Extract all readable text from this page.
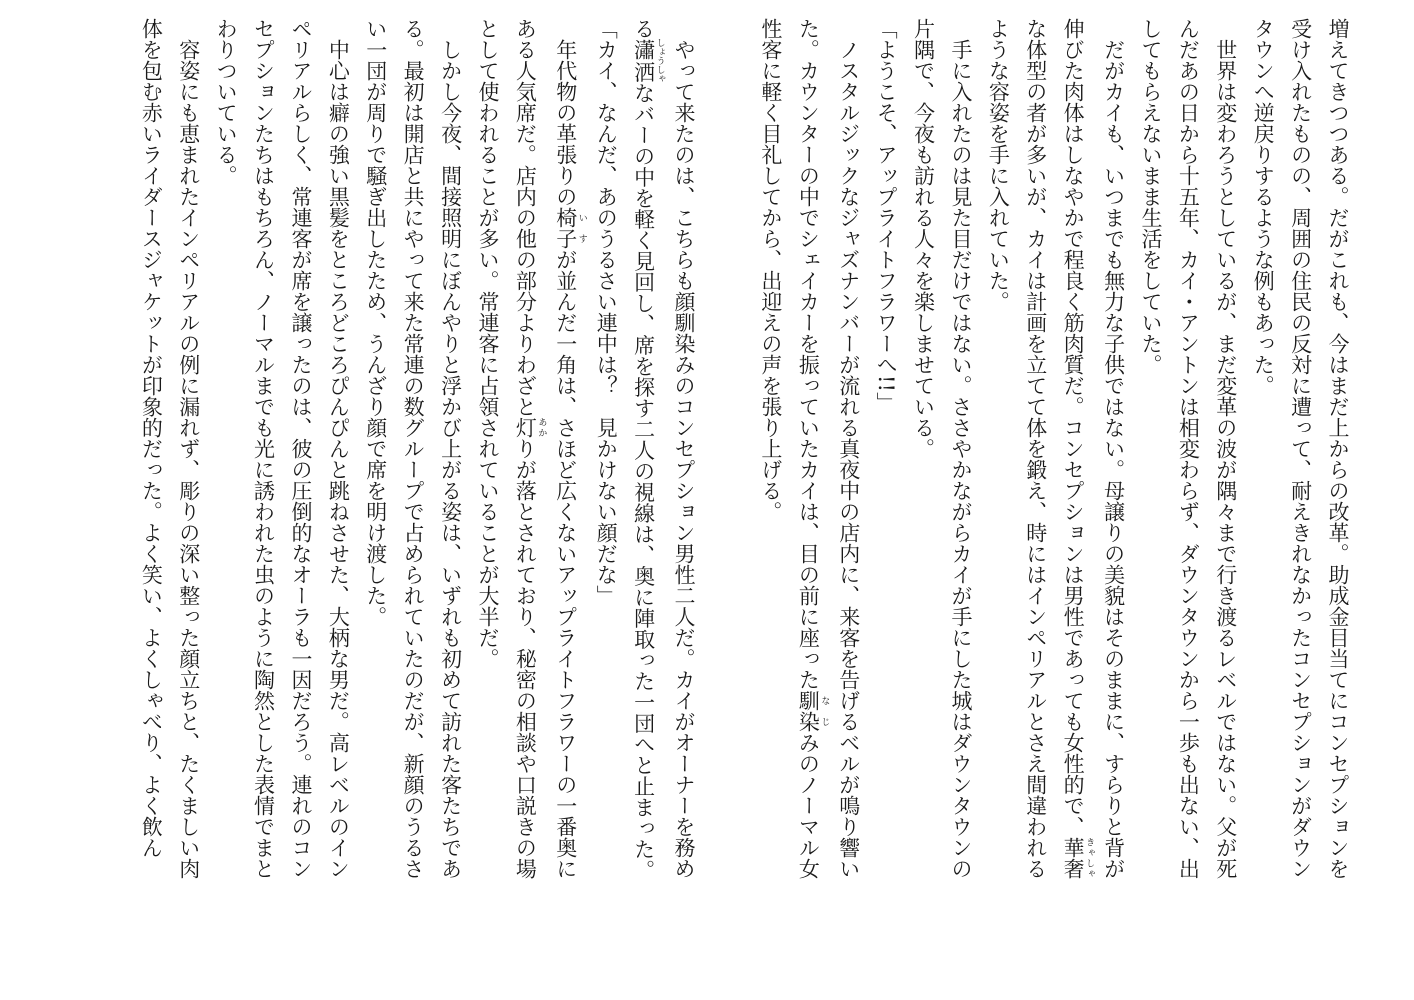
増えてきつつある。だがこれも、今はまだ上からの改革。助成金目当てにコンセプションを

受け入れたものの、周囲の住民の反対に遭って、耐えきれなかったコンセプションがダウン

タウンへ逆戻りするような例もあった。

　世界は変わろうとしているが、まだ変革の波が隅々まで行き渡るレベルではない。父が死

んだあの日から十五年、カイ・アントンは相変わらず、ダウンタウンから一歩も出ない、出

してもらえないまま生活をしていた。

　だがカイも、いつまでも無力な子供ではない。母譲りの美貌はそのままに、すらりと背が

伸びた肉体はしなやかで程良く筋肉質だ。コンセプションは男性であっても女性的で、華奢 きゃしゃ

な体型の者が多いが、カイは計画を立てて体を鍛え、時にはインペリアルとさえ間違われる

ような容姿を手に入れていた。

　手に入れたのは見た目だけではない。ささやかながらカイが手にした城はダウンタウンの

片隅で、今夜も訪れる人々を楽しませている。

「ようこそ、アップライトフラワーへ!!」

　ノスタルジックなジャズナンバーが流れる真夜中の店内に、来客を告げるベルが鳴り響い

た。カウンターの中でシェイカーを振っていたカイは、目の前に座った馴染 なじみのノーマル女

性客に軽く目礼してから、出迎えの声を張り上げる。

　やって来たのは、こちらも顔馴染みのコンセプション男性二人だ。カイがオーナーを務め

る瀟洒 しょうしゃなバーの中を軽く見回し、席を探す二人の視線は、奥に陣取った一団へと止まった。

「カイ、なんだ、あのうるさい連中は？　見かけない顔だな」

　年代物の革張りの椅子 いすが並んだ一角は、さほど広くないアップライトフラワーの一番奥に

ある人気席だ。店内の他の部分よりわざと灯 あかりが落とされており、秘密の相談や口説きの場

として使われることが多い。常連客に占領されていることが大半だ。

　しかし今夜、間接照明にぼんやりと浮かび上がる姿は、いずれも初めて訪れた客たちであ

る。最初は開店と共にやって来た常連の数グループで占められていたのだが、新顔のうるさ

い一団が周りで騒ぎ出したため、うんざり顔で席を明け渡した。

　中心は癖の強い黒髪をところどころぴんぴんと跳ねさせた、大柄な男だ。高レベルのイン

ペリアルらしく、常連客が席を譲ったのは、彼の圧倒的なオーラも一因だろう。連れのコン

セプションたちはもちろん、ノーマルまでも光に誘われた虫のように陶然とした表情でまと

わりついている。

　容姿にも恵まれたインペリアルの例に漏れず、彫りの深い整った顔立ちと、たくましい肉

体を包む赤いライダースジャケットが印象的だった。よく笑い、よくしゃべり、よく飲ん
